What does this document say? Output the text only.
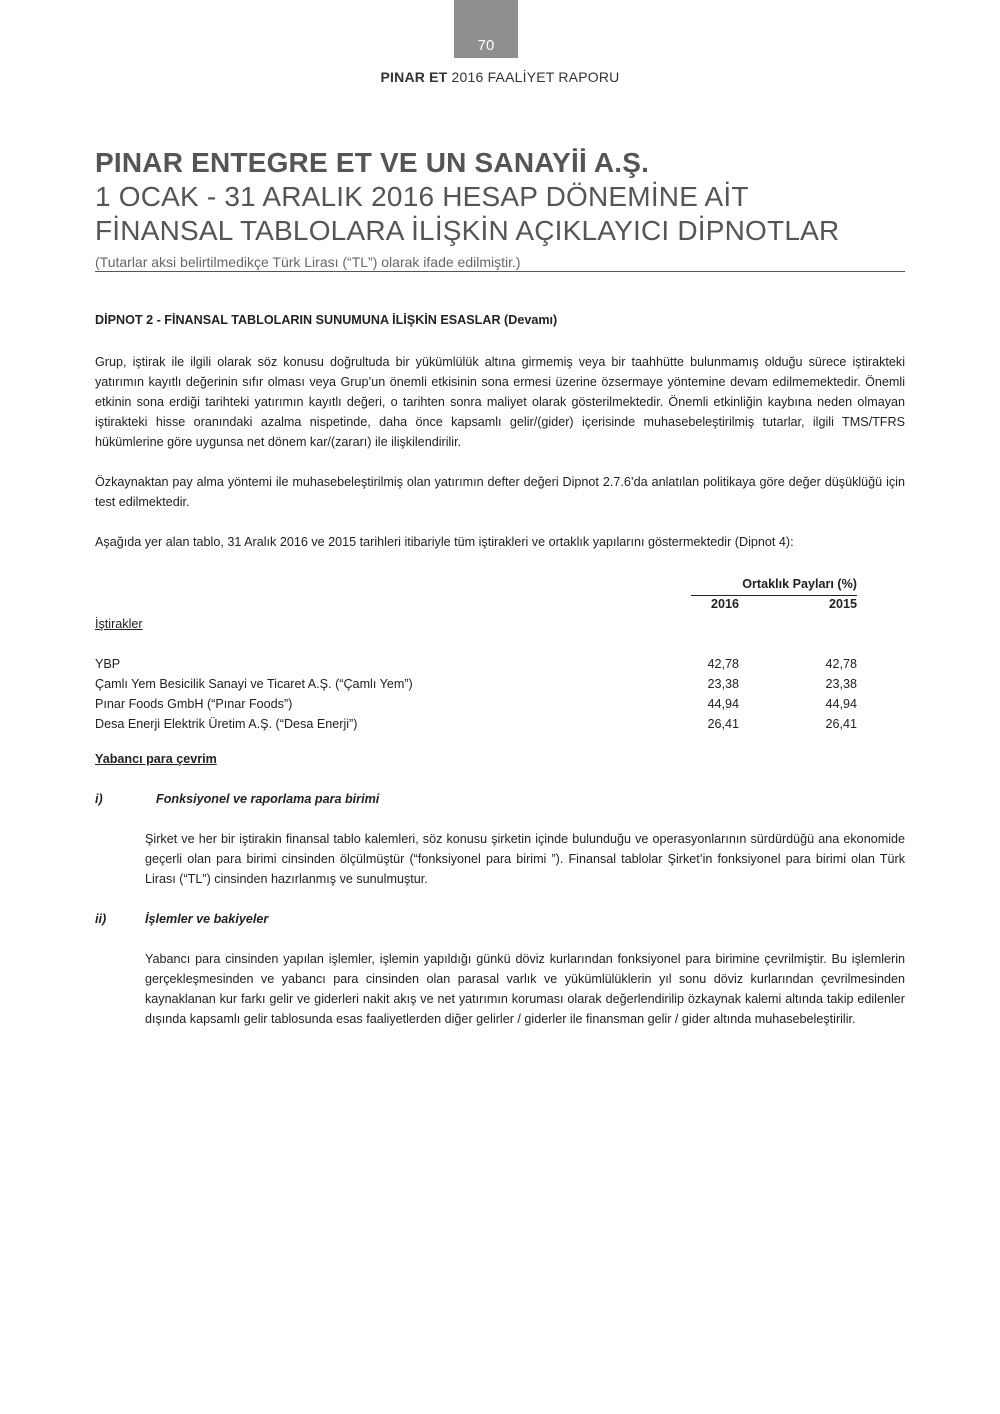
70
PINAR ET 2016 FAALİYET RAPORU
PINAR ENTEGRE ET VE UN SANAYİİ A.Ş.
1 OCAK - 31 ARALIK 2016 HESAP DÖNEMİNE AİT
FİNANSAL TABLOLARA İLİŞKİN AÇIKLAYICI DİPNOTLAR
(Tutarlar aksi belirtilmedikçe Türk Lirası (“TL”) olarak ifade edilmiştir.)
DİPNOT 2 - FİNANSAL TABLOLARIN SUNUMUNA İLİŞKİN ESASLAR (Devamı)

Grup, iştirak ile ilgili olarak söz konusu doğrultuda bir yükümlülük altına girmemiş veya bir taahhütte bulunmamış olduğu sürece iştirakteki yatırımın kayıtlı değerinin sıfır olması veya Grup’un önemli etkisinin sona ermesi üzerine özsermaye yöntemine devam edilmemektedir. Önemli etkinin sona erdiği tarihteki yatırımın kayıtlı değeri, o tarihten sonra maliyet olarak gösterilmektedir. Önemli etkinliğin kaybına neden olmayan iştirakteki hisse oranındaki azalma nispetinde, daha önce kapsamlı gelir/(gider) içerisinde muhasebeleştirilmiş tutarlar, ilgili TMS/TFRS hükümlerine göre uygunsa net dönem kar/(zararı) ile ilişkilendirilir.

Özkaynaktan pay alma yöntemi ile muhasebeleştirilmiş olan yatırımın defter değeri Dipnot 2.7.6’da anlatılan politikaya göre değer düşüklüğü için test edilmektedir.

Aşağıda yer alan tablo, 31 Aralık 2016 ve 2015 tarihleri itibariyle tüm iştirakleri ve ortaklık yapılarını göstermektedir (Dipnot 4):

Ortaklık Payları (%)
2016	2015
İştirakler
YBP	42,78	42,78
Çamlı Yem Besicilik Sanayi ve Ticaret A.Ş. (“Çamlı Yem”)	23,38	23,38
Pınar Foods GmbH (“Pınar Foods”)	44,94	44,94
Desa Enerji Elektrik Üretim A.Ş. (“Desa Enerji”)	26,41	26,41
Yabancı para çevrim
i)	Fonksiyonel ve raporlama para birimi

Şirket ve her bir iştirakin finansal tablo kalemleri, söz konusu şirketin içinde bulunduğu ve operasyonlarının sürdürdüğü ana ekonomide geçerli olan para birimi cinsinden ölçülmüştür (“fonksiyonel para birimi ”). Finansal tablolar Şirket’in fonksiyonel para birimi olan Türk Lirası (“TL”) cinsinden hazırlanmış ve sunulmuştur.

ii)	İşlemler ve bakiyeler

Yabancı para cinsinden yapılan işlemler, işlemin yapıldığı günkü döviz kurlarından fonksiyonel para birimine çevrilmiştir. Bu işlemlerin gerçekleşmesinden ve yabancı para cinsinden olan parasal varlık ve yükümlülüklerin yıl sonu döviz kurlarından çevrilmesinden kaynaklanan kur farkı gelir ve giderleri nakit akış ve net yatırımın koruması olarak değerlendirilip özkaynak kalemi altında takip edilenler dışında kapsamlı gelir tablosunda esas faaliyetlerden diğer gelirler / giderler ile finansman gelir / gider altında muhasebeleştirilir.
